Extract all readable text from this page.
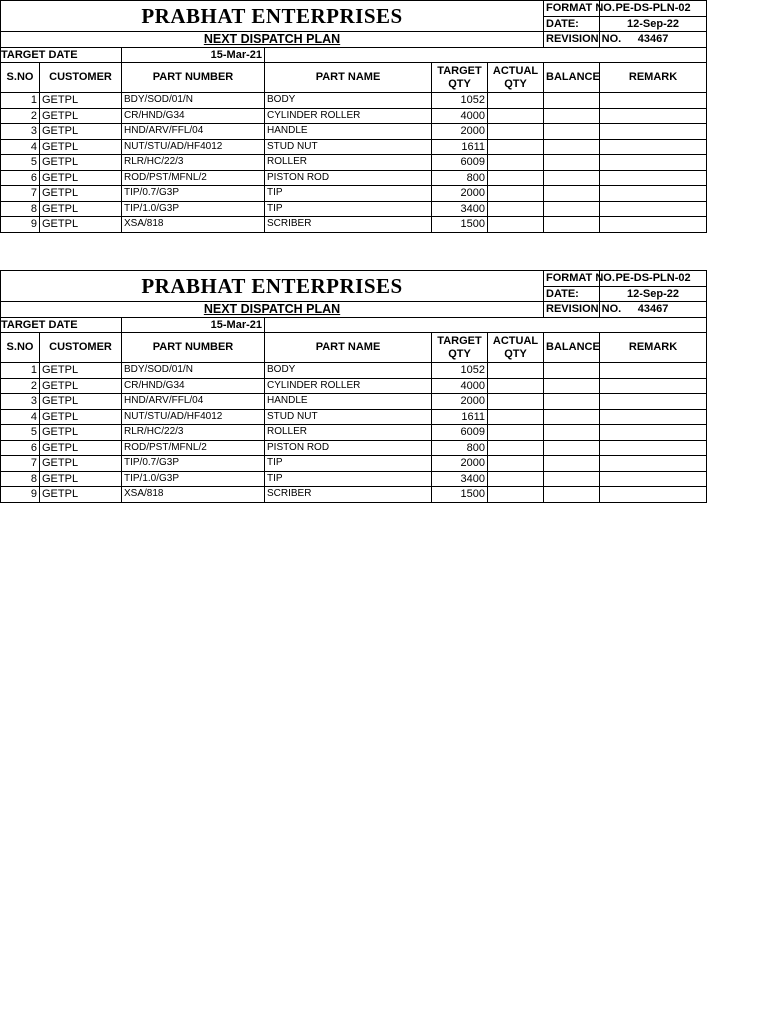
PRABHAT ENTERPRISES						FORMAT NO.	PE-DS-PLN-02
						DATE:	12-Sep-22
NEXT DISPATCH PLAN						REVISION NO.	43467
TARGET DATE		15-Mar-21					
S.NO	CUSTOMER	PART NUMBER	PART NAME	TARGET QTY	ACTUAL QTY	BALANCE	REMARK
1	GETPL	BDY/SOD/01/N	BODY	1052			
2	GETPL	CR/HND/G34	CYLINDER ROLLER	4000			
3	GETPL	HND/ARV/FFL/04	HANDLE	2000			
4	GETPL	NUT/STU/AD/HF4012	STUD NUT	1611			
5	GETPL	RLR/HC/22/3	ROLLER	6009			
6	GETPL	ROD/PST/MFNL/2	PISTON ROD	800			
7	GETPL	TIP/0.7/G3P	TIP	2000			
8	GETPL	TIP/1.0/G3P	TIP	3400			
9	GETPL	XSA/818	SCRIBER	1500			
PRABHAT ENTERPRISES						FORMAT NO.	PE-DS-PLN-02
						DATE:	12-Sep-22
NEXT DISPATCH PLAN						REVISION NO.	43467
TARGET DATE		15-Mar-21					
S.NO	CUSTOMER	PART NUMBER	PART NAME	TARGET QTY	ACTUAL QTY	BALANCE	REMARK
1	GETPL	BDY/SOD/01/N	BODY	1052			
2	GETPL	CR/HND/G34	CYLINDER ROLLER	4000			
3	GETPL	HND/ARV/FFL/04	HANDLE	2000			
4	GETPL	NUT/STU/AD/HF4012	STUD NUT	1611			
5	GETPL	RLR/HC/22/3	ROLLER	6009			
6	GETPL	ROD/PST/MFNL/2	PISTON ROD	800			
7	GETPL	TIP/0.7/G3P	TIP	2000			
8	GETPL	TIP/1.0/G3P	TIP	3400			
9	GETPL	XSA/818	SCRIBER	1500			
